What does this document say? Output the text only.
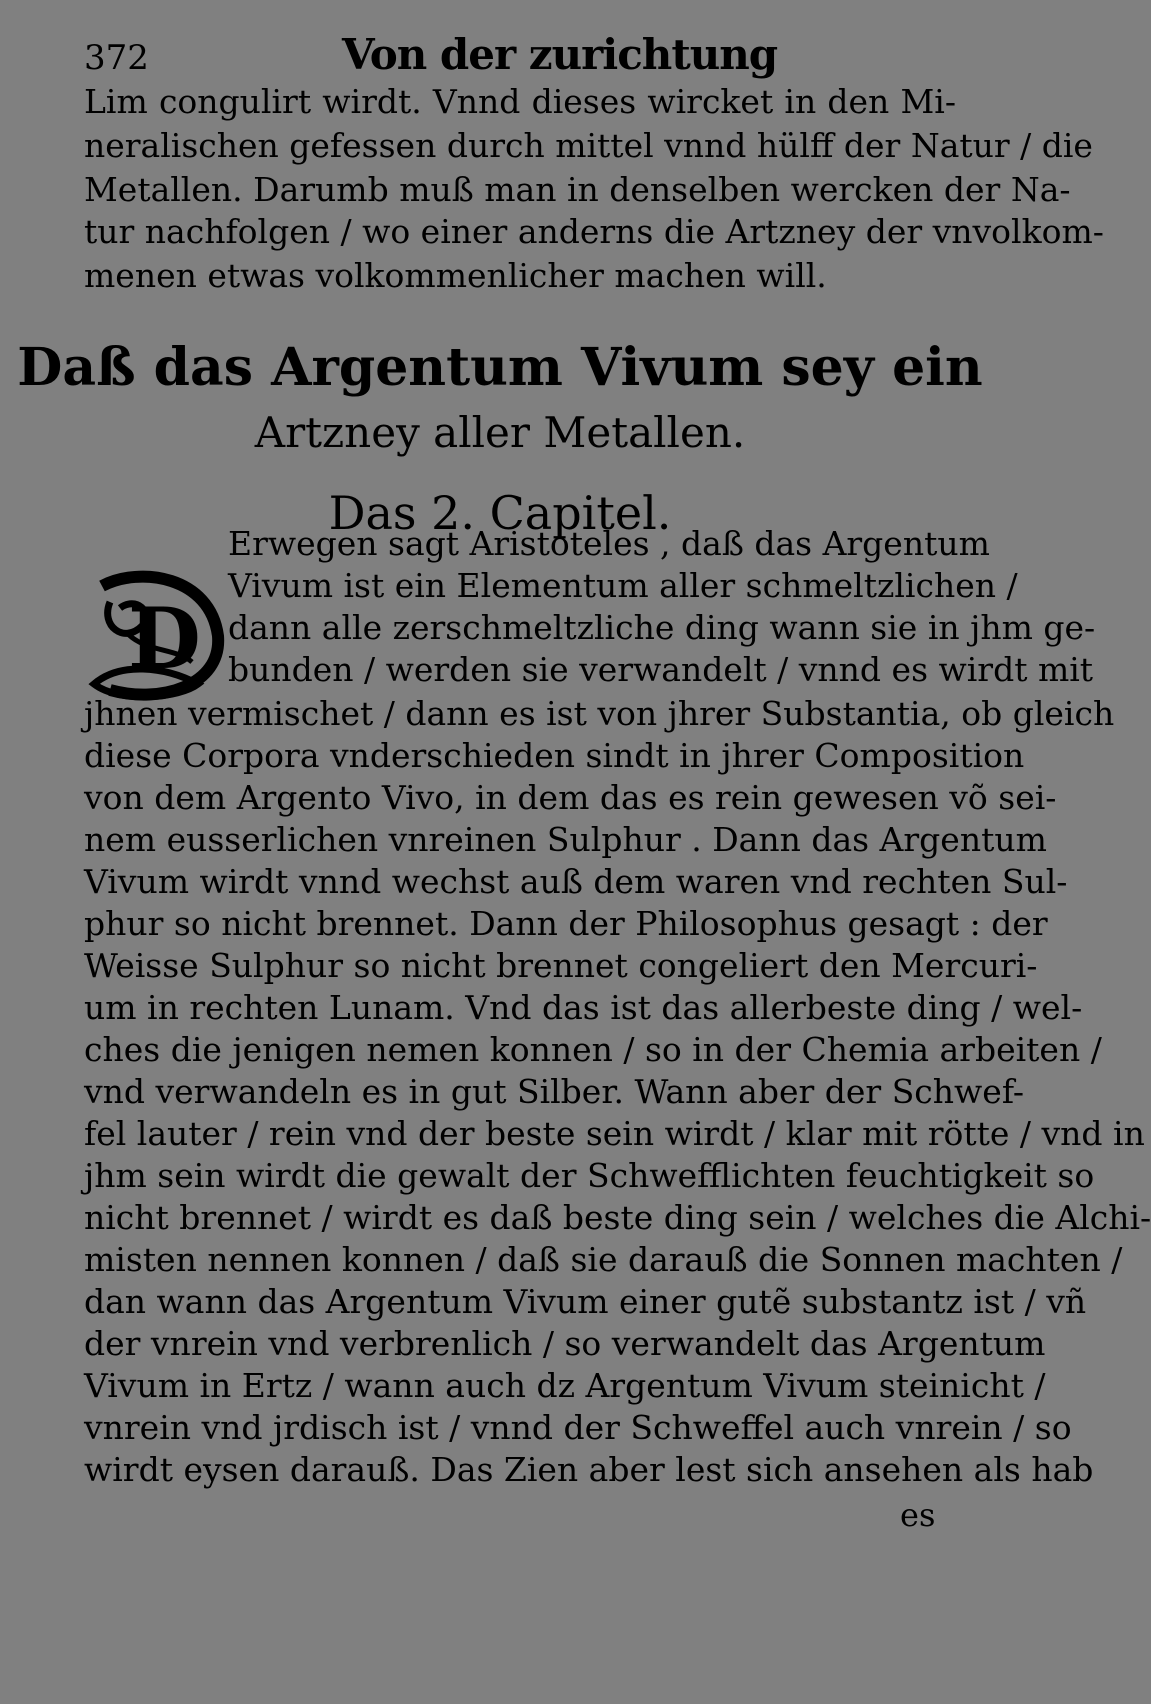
372	Von der zurichtung
Lim congulirt wirdt. Vnnd dieses wircket in den Mi-
neralischen gefessen durch mittel vnnd hülff der Natur / die
Metallen. Darumb muß man in denselben wercken der Na-
tur nachfolgen / wo einer anderns die Artzney der vnvolkom-
menen etwas volkommenlicher machen will.
Daß das Argentum Vivum sey ein
Artzney aller Metallen.
Das 2. Capitel.
D
Erwegen sagt Aristoteles , daß das Argentum
Vivum ist ein Elementum aller schmeltzlichen /
dann alle zerschmeltzliche ding wann sie in jhm ge-
bunden / werden sie verwandelt / vnnd es wirdt mit
jhnen vermischet / dann es ist von jhrer Substantia, ob gleich
diese Corpora vnderschieden sindt in jhrer Composition
von dem Argento Vivo, in dem das es rein gewesen võ sei-
nem eusserlichen vnreinen Sulphur . Dann das Argentum
Vivum wirdt vnnd wechst auß dem waren vnd rechten Sul-
phur so nicht brennet. Dann der Philosophus gesagt : der
Weisse Sulphur so nicht brennet congeliert den Mercuri-
um in rechten Lunam. Vnd das ist das allerbeste ding / wel-
ches die jenigen nemen konnen / so in der Chemia arbeiten /
vnd verwandeln es in gut Silber. Wann aber der Schwef-
fel lauter / rein vnd der beste sein wirdt / klar mit rötte / vnd in
jhm sein wirdt die gewalt der Schwefflichten feuchtigkeit so
nicht brennet / wirdt es daß beste ding sein / welches die Alchi-
misten nennen konnen / daß sie darauß die Sonnen machten /
dan wann das Argentum Vivum einer gutẽ substantz ist / vñ
der vnrein vnd verbrenlich / so verwandelt das Argentum
Vivum in Ertz / wann auch dz Argentum Vivum steinicht /
vnrein vnd jrdisch ist / vnnd der Schweffel auch vnrein / so
wirdt eysen darauß. Das Zien aber lest sich ansehen als hab
es
